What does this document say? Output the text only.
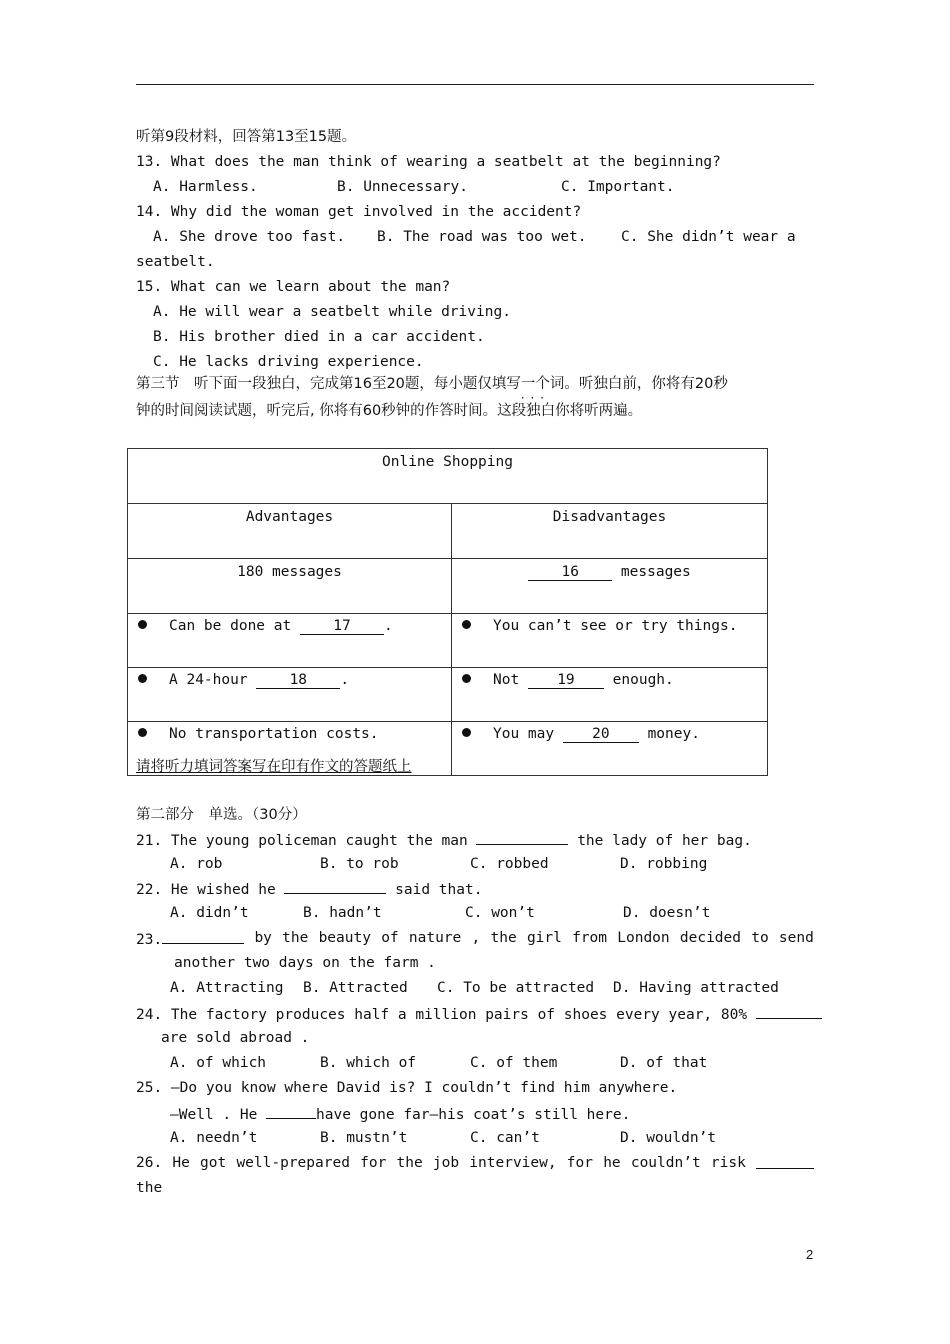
听第9段材料，回答第13至15题。
13. What does the man think of wearing a seatbelt at the beginning?
A. Harmless.	B. Unnecessary.	C. Important.
14. Why did the woman get involved in the accident?
A. She drove too fast. B. The road was too wet. C. She didn’t wear a
seatbelt.
15. What can we learn about the man?
A. He will wear a seatbelt while driving.
B. His brother died in a car accident.
C. He lacks driving experience.
第三节　听下面一段独白，完成第16至20题，每小题仅填写一个词 · · ·。听独白前，你将有20秒
钟的时间阅读试题，听完后, 你将有60秒钟的作答时间。这段独白你将听两遍。
Online Shopping	
Advantages	Disadvantages
180 messages	16 messages
Can be done at 17 .	You can’t see or try things.
A 24-hour 18 .	Not 19 enough.
No transportation costs.	You may 20 money.
请将听力填词答案写在印有作文的答题纸上
第二部分　单选。（30分）
21. The young policeman caught the man	the lady of her bag.
A. rob	B. to rob	C. robbed	D. robbing
22. He wished he	said that.
A. didn’t	B. hadn’t	C. won’t	D. doesn’t
23.	by the beauty of nature , the girl from London decided to send
another two days on the farm .
A. Attracting B. Attracted C. To be attracted D. Having attracted
24. The factory produces half a million pairs of shoes every year, 80%
are sold abroad .
A. of which	B. which of	C. of them	D. of that
25. —Do you know where David is? I couldn’t find him anywhere.
—Well . He	have gone far—his coat’s still here.
A. needn’t	B. mustn’t	C. can’t	D. wouldn’t
26. He got well-prepared for the job interview, for he couldn’t risk
the
2
